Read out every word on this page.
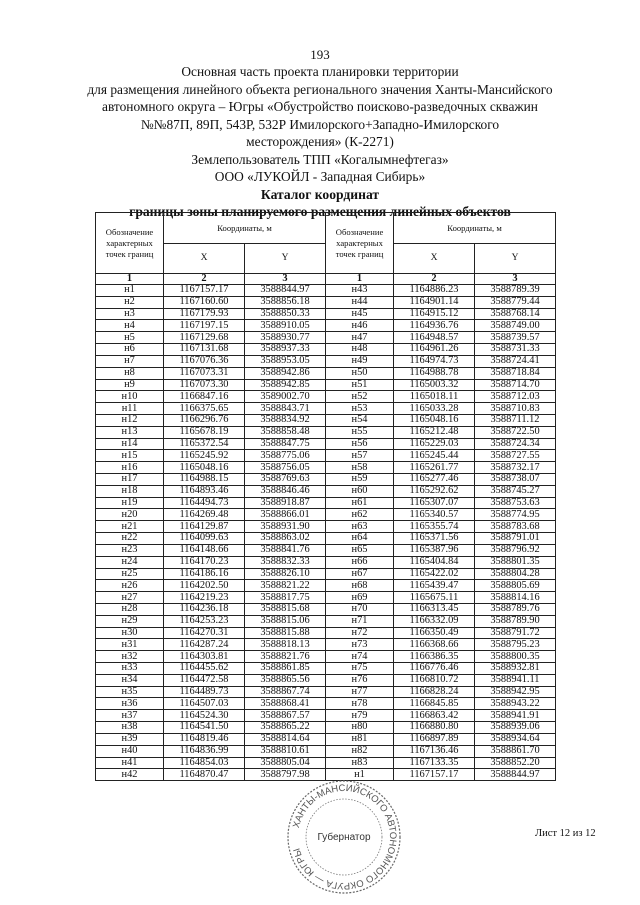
193
Основная часть проекта планировки территории
для размещения линейного объекта регионального значения Ханты-Мансийского
автономного округа – Югры «Обустройство поисково-разведочных скважин
№№87П, 89П, 543Р, 532Р Имилорского+Западно-Имилорского
месторождения» (К-2271)
Землепользователь ТПП «Когалымнефтегаз»
ООО «ЛУКОЙЛ - Западная Сибирь»
Каталог координат
границы зоны планируемого размещения линейных объектов
Обозначение характерных точек границ	Координаты, м	
	X	Y
1	2	3
н1	1167157.17	3588844.97
н2	1167160.60	3588856.18
н3	1167179.93	3588850.33
н4	1167197.15	3588910.05
н5	1167129.68	3588930.77
н6	1167131.68	3588937.33
н7	1167076.36	3588953.05
н8	1167073.31	3588942.86
н9	1167073.30	3588942.85
н10	1166847.16	3589002.70
н11	1166375.65	3588843.71
н12	1166296.76	3588834.92
н13	1165678.19	3588858.48
н14	1165372.54	3588847.75
н15	1165245.92	3588775.06
н16	1165048.16	3588756.05
н17	1164988.15	3588769.63
н18	1164893.46	3588846.46
н19	1164494.73	3588918.87
н20	1164269.48	3588866.01
н21	1164129.87	3588931.90
н22	1164099.63	3588863.02
н23	1164148.66	3588841.76
н24	1164170.23	3588832.33
н25	1164186.16	3588826.10
н26	1164202.50	3588821.22
н27	1164219.23	3588817.75
н28	1164236.18	3588815.68
н29	1164253.23	3588815.06
н30	1164270.31	3588815.88
н31	1164287.24	3588818.13
н32	1164303.81	3588821.76
н33	1164455.62	3588861.85
н34	1164472.58	3588865.56
н35	1164489.73	3588867.74
н36	1164507.03	3588868.41
н37	1164524.30	3588867.57
н38	1164541.50	3588865.22
н39	1164819.46	3588814.64
н40	1164836.99	3588810.61
н41	1164854.03	3588805.04
н42	1164870.47	3588797.98
Обозначение характерных точек границ	Координаты, м	
	X	Y
1	2	3
н43	1164886.23	3588789.39
н44	1164901.14	3588779.44
н45	1164915.12	3588768.14
н46	1164936.76	3588749.00
н47	1164948.57	3588739.57
н48	1164961.26	3588731.33
н49	1164974.73	3588724.41
н50	1164988.78	3588718.84
н51	1165003.32	3588714.70
н52	1165018.11	3588712.03
н53	1165033.28	3588710.83
н54	1165048.16	3588711.12
н55	1165212.48	3588722.50
н56	1165229.03	3588724.34
н57	1165245.44	3588727.55
н58	1165261.77	3588732.17
н59	1165277.46	3588738.07
н60	1165292.62	3588745.27
н61	1165307.07	3588753.63
н62	1165340.57	3588774.95
н63	1165355.74	3588783.68
н64	1165371.56	3588791.01
н65	1165387.96	3588796.92
н66	1165404.84	3588801.35
н67	1165422.02	3588804.28
н68	1165439.47	3588805.69
н69	1165675.11	3588814.16
н70	1166313.45	3588789.76
н71	1166332.09	3588789.90
н72	1166350.49	3588791.72
н73	1166368.66	3588795.23
н74	1166386.35	3588800.35
н75	1166776.46	3588932.81
н76	1166810.72	3588941.11
н77	1166828.24	3588942.95
н78	1166845.85	3588943.22
н79	1166863.42	3588941.91
н80	1166880.80	3588939.06
н81	1166897.89	3588934.64
н82	1167136.46	3588861.70
н83	1167133.35	3588852.20
н1	1167157.17	3588844.97
Лист 12 из 12
ХАНТЫ-МАНСИЙСКОГО АВТОНОМНОГО ОКРУГА — ЮГРЫ
Губернатор
